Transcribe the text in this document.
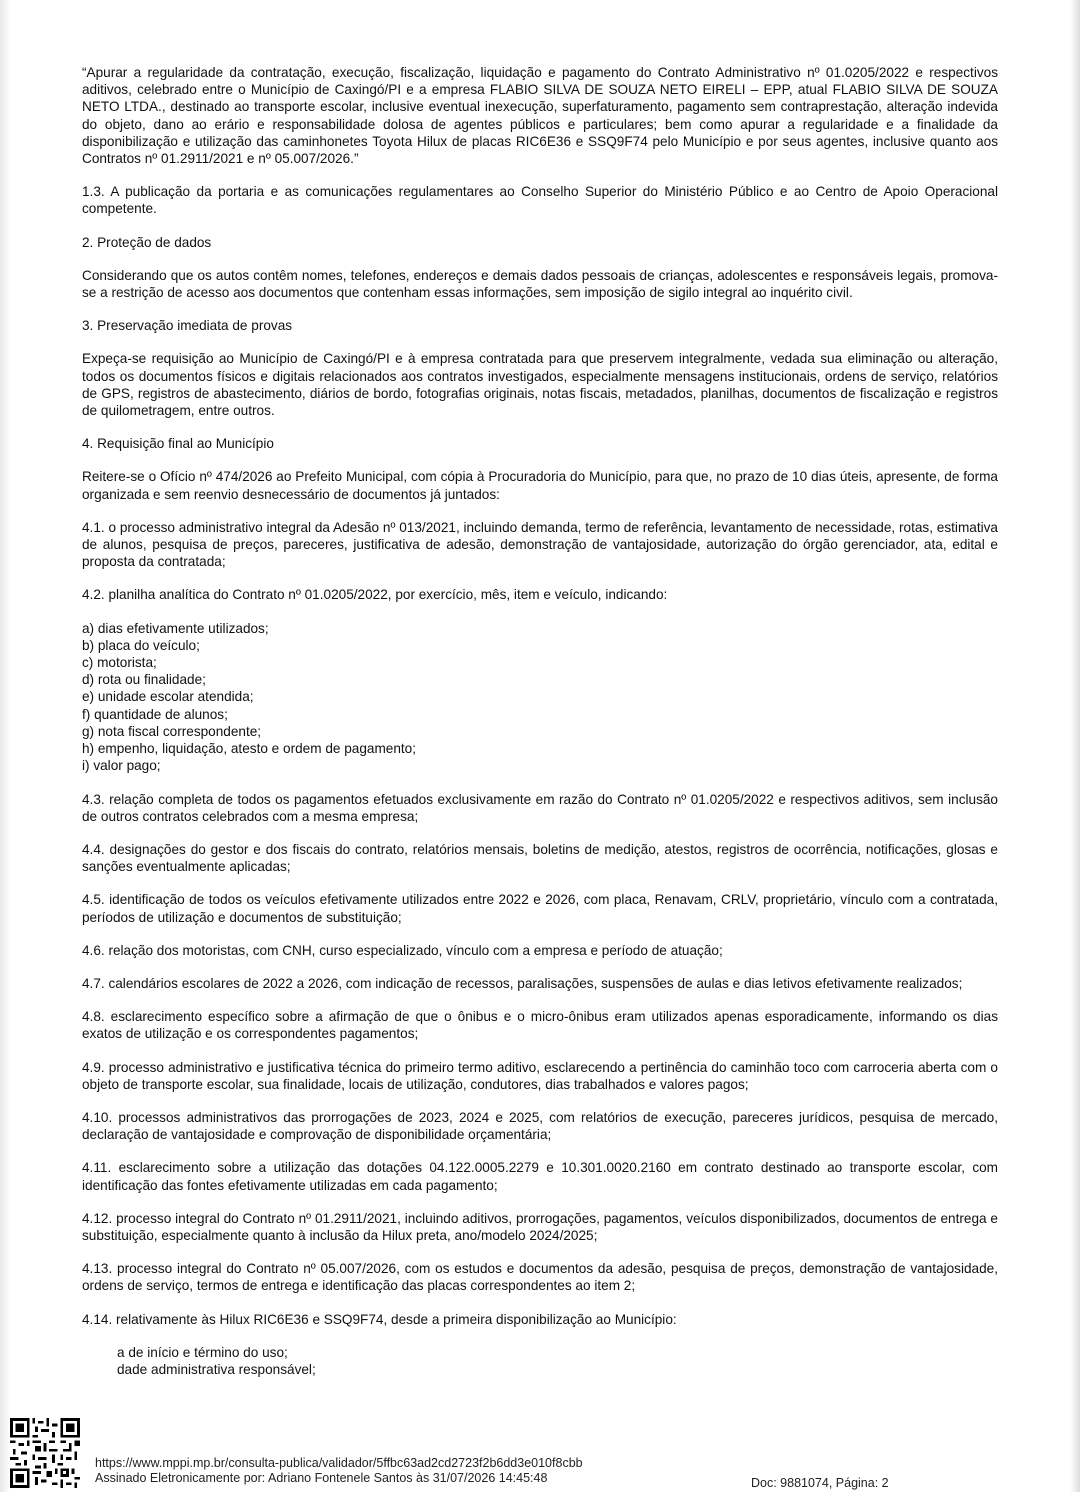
“Apurar a regularidade da contratação, execução, fiscalização, liquidação e pagamento do Contrato Administrativo nº 01.0205/2022 e respectivos aditivos, celebrado entre o Município de Caxingó/PI e a empresa FLABIO SILVA DE SOUZA NETO EIRELI – EPP, atual FLABIO SILVA DE SOUZA NETO LTDA., destinado ao transporte escolar, inclusive eventual inexecução, superfaturamento, pagamento sem contraprestação, alteração indevida do objeto, dano ao erário e responsabilidade dolosa de agentes públicos e particulares; bem como apurar a regularidade e a finalidade da disponibilização e utilização das caminhonetes Toyota Hilux de placas RIC6E36 e SSQ9F74 pelo Município e por seus agentes, inclusive quanto aos Contratos nº 01.2911/2021 e nº 05.007/2026.”

1.3. A publicação da portaria e as comunicações regulamentares ao Conselho Superior do Ministério Público e ao Centro de Apoio Operacional competente.

2. Proteção de dados

Considerando que os autos contêm nomes, telefones, endereços e demais dados pessoais de crianças, adolescentes e responsáveis legais, promova-se a restrição de acesso aos documentos que contenham essas informações, sem imposição de sigilo integral ao inquérito civil.

3. Preservação imediata de provas

Expeça-se requisição ao Município de Caxingó/PI e à empresa contratada para que preservem integralmente, vedada sua eliminação ou alteração, todos os documentos físicos e digitais relacionados aos contratos investigados, especialmente mensagens institucionais, ordens de serviço, relatórios de GPS, registros de abastecimento, diários de bordo, fotografias originais, notas fiscais, metadados, planilhas, documentos de fiscalização e registros de quilometragem, entre outros.

4. Requisição final ao Município

Reitere-se o Ofício nº 474/2026 ao Prefeito Municipal, com cópia à Procuradoria do Município, para que, no prazo de 10 dias úteis, apresente, de forma organizada e sem reenvio desnecessário de documentos já juntados:

4.1. o processo administrativo integral da Adesão nº 013/2021, incluindo demanda, termo de referência, levantamento de necessidade, rotas, estimativa de alunos, pesquisa de preços, pareceres, justificativa de adesão, demonstração de vantajosidade, autorização do órgão gerenciador, ata, edital e proposta da contratada;

4.2. planilha analítica do Contrato nº 01.0205/2022, por exercício, mês, item e veículo, indicando:

a) dias efetivamente utilizados;
b) placa do veículo;
c) motorista;
d) rota ou finalidade;
e) unidade escolar atendida;
f) quantidade de alunos;
g) nota fiscal correspondente;
h) empenho, liquidação, atesto e ordem de pagamento;
i) valor pago;

4.3. relação completa de todos os pagamentos efetuados exclusivamente em razão do Contrato nº 01.0205/2022 e respectivos aditivos, sem inclusão de outros contratos celebrados com a mesma empresa;

4.4. designações do gestor e dos fiscais do contrato, relatórios mensais, boletins de medição, atestos, registros de ocorrência, notificações, glosas e sanções eventualmente aplicadas;

4.5. identificação de todos os veículos efetivamente utilizados entre 2022 e 2026, com placa, Renavam, CRLV, proprietário, vínculo com a contratada, períodos de utilização e documentos de substituição;

4.6. relação dos motoristas, com CNH, curso especializado, vínculo com a empresa e período de atuação;

4.7. calendários escolares de 2022 a 2026, com indicação de recessos, paralisações, suspensões de aulas e dias letivos efetivamente realizados;

4.8. esclarecimento específico sobre a afirmação de que o ônibus e o micro-ônibus eram utilizados apenas esporadicamente, informando os dias exatos de utilização e os correspondentes pagamentos;

4.9. processo administrativo e justificativa técnica do primeiro termo aditivo, esclarecendo a pertinência do caminhão toco com carroceria aberta com o objeto de transporte escolar, sua finalidade, locais de utilização, condutores, dias trabalhados e valores pagos;

4.10. processos administrativos das prorrogações de 2023, 2024 e 2025, com relatórios de execução, pareceres jurídicos, pesquisa de mercado, declaração de vantajosidade e comprovação de disponibilidade orçamentária;

4.11. esclarecimento sobre a utilização das dotações 04.122.0005.2279 e 10.301.0020.2160 em contrato destinado ao transporte escolar, com identificação das fontes efetivamente utilizadas em cada pagamento;

4.12. processo integral do Contrato nº 01.2911/2021, incluindo aditivos, prorrogações, pagamentos, veículos disponibilizados, documentos de entrega e substituição, especialmente quanto à inclusão da Hilux preta, ano/modelo 2024/2025;

4.13. processo integral do Contrato nº 05.007/2026, com os estudos e documentos da adesão, pesquisa de preços, demonstração de vantajosidade, ordens de serviço, termos de entrega e identificação das placas correspondentes ao item 2;

4.14. relativamente às Hilux RIC6E36 e SSQ9F74, desde a primeira disponibilização ao Município:

a de início e término do uso;
dade administrativa responsável;
https://www.mppi.mp.br/consulta-publica/validador/5ffbc63ad2cd2723f2b6dd3e010f8cbb
Assinado Eletronicamente por: Adriano Fontenele Santos às 31/07/2026 14:45:48	Doc: 9881074, Página: 2
